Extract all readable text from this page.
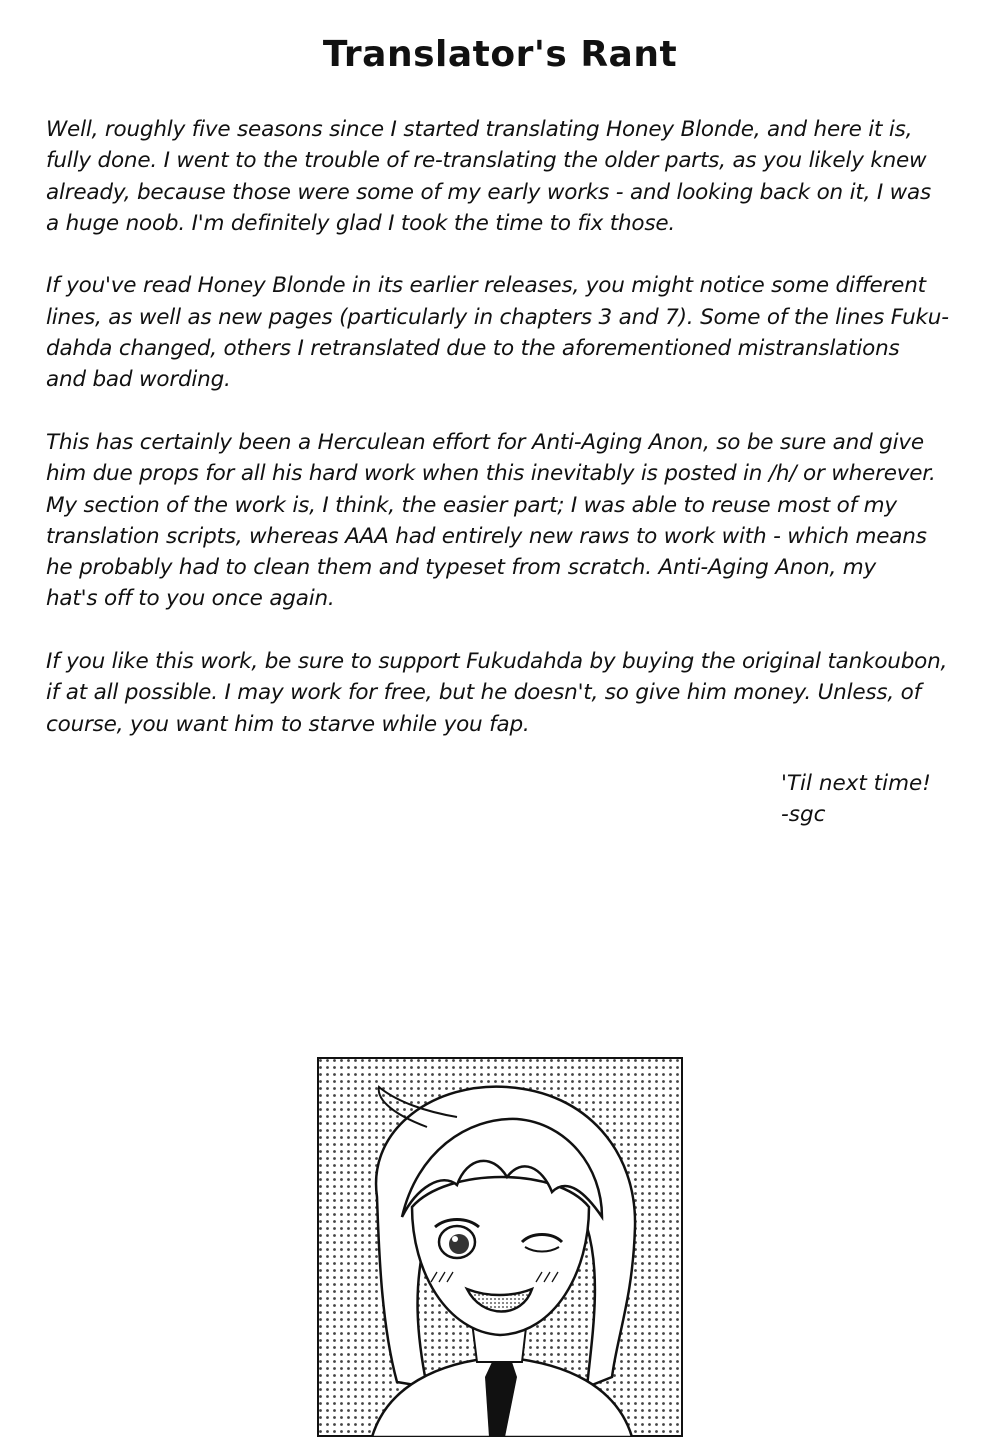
Translator's Rant

Well, roughly five seasons since I started translating Honey Blonde, and here it is,
fully done. I went to the trouble of re-translating the older parts, as you likely knew
already, because those were some of my early works - and looking back on it, I was
a huge noob. I'm definitely glad I took the time to fix those.

If you've read Honey Blonde in its earlier releases, you might notice some different
lines, as well as new pages (particularly in chapters 3 and 7). Some of the lines Fuku-
dahda changed, others I retranslated due to the aforementioned mistranslations
and bad wording.

This has certainly been a Herculean effort for Anti-Aging Anon, so be sure and give
him due props for all his hard work when this inevitably is posted in /h/ or wherever.
My section of the work is, I think, the easier part; I was able to reuse most of my
translation scripts, whereas AAA had entirely new raws to work with - which means
he probably had to clean them and typeset from scratch. Anti-Aging Anon, my
hat's off to you once again.

If you like this work, be sure to support Fukudahda by buying the original tankoubon,
if at all possible. I may work for free, but he doesn't, so give him money. Unless, of
course, you want him to starve while you fap.

'Til next time!
-sgc
